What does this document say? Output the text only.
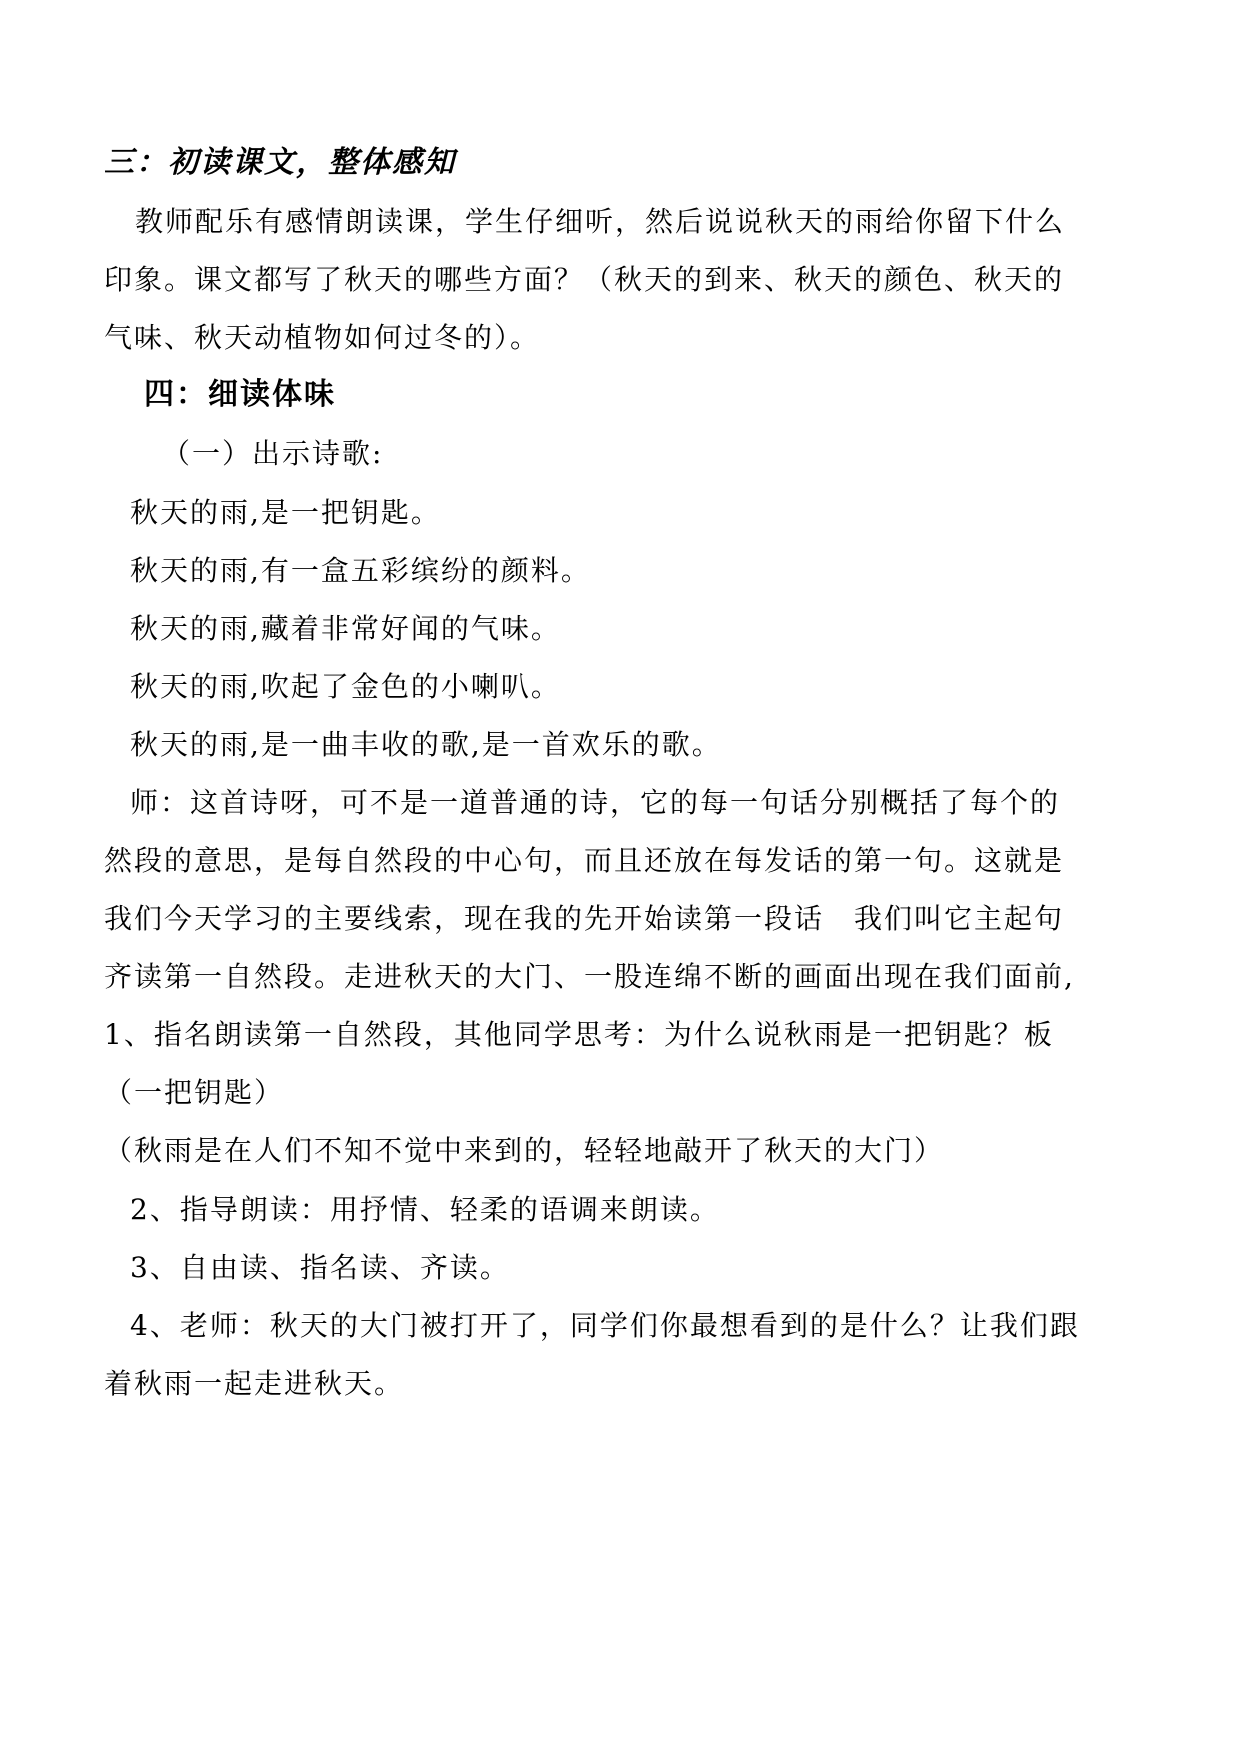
三：初读课文，整体感知
教师配乐有感情朗读课，学生仔细听，然后说说秋天的雨给你留下什么
印象。课文都写了秋天的哪些方面？（秋天的到来、秋天的颜色、秋天的
气味、秋天动植物如何过冬的）。
四：细读体味
（一）出示诗歌:
秋天的雨,是一把钥匙。
秋天的雨,有一盒五彩缤纷的颜料。
秋天的雨,藏着非常好闻的气味。
秋天的雨,吹起了金色的小喇叭。
秋天的雨,是一曲丰收的歌,是一首欢乐的歌。
师：这首诗呀，可不是一道普通的诗，它的每一句话分别概括了每个的
然段的意思，是每自然段的中心句，而且还放在每发话的第一句。这就是
我们今天学习的主要线索，现在我的先开始读第一段话　我们叫它主起句
齐读第一自然段。走进秋天的大门、一股连绵不断的画面出现在我们面前,
1、指名朗读第一自然段，其他同学思考：为什么说秋雨是一把钥匙？板
（一把钥匙）
（秋雨是在人们不知不觉中来到的，轻轻地敲开了秋天的大门）
2、指导朗读：用抒情、轻柔的语调来朗读。
3、自由读、指名读、齐读。
4、老师：秋天的大门被打开了，同学们你最想看到的是什么？让我们跟
着秋雨一起走进秋天。
